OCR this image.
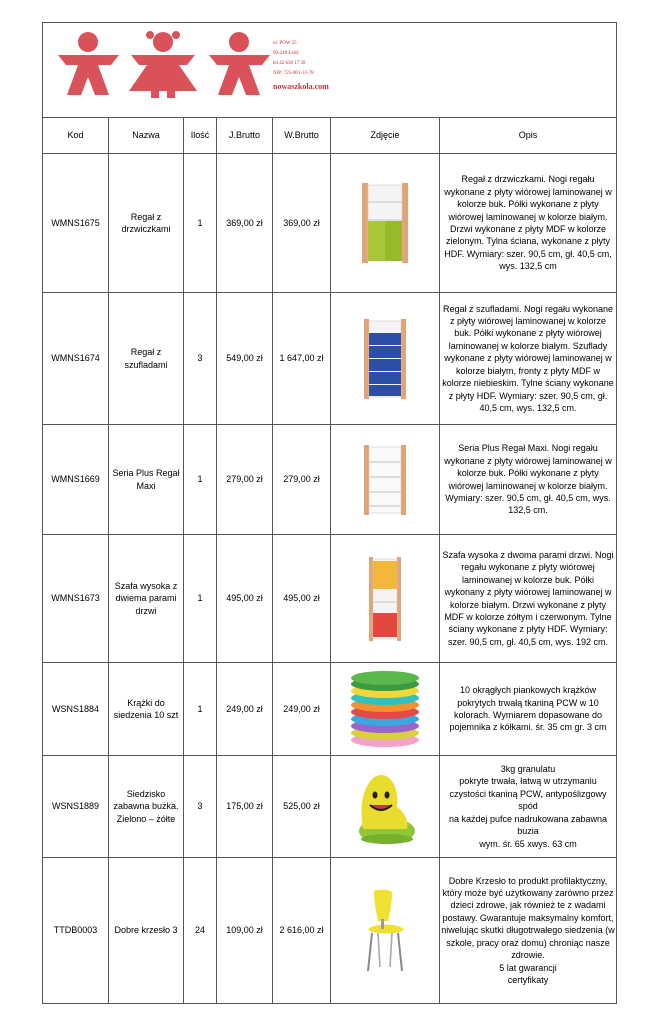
ul. POW 25
90-248 Łódź
tel.42 638 17 28
NIP: 725-001-33-78
nowaszkola.com						

Kod	Nazwa	Ilość	J.Brutto	W.Brutto	Zdjęcie	Opis
WMNS1675	Regał z drzwiczkami	1	369,00 zł	369,00 zł		Regał z drzwiczkami. Nogi regału wykonane z płyty wiórowej laminowanej w kolorze buk. Półki wykonane z płyty wiórowej laminowanej w kolorze białym. Drzwi wykonane z płyty MDF w kolorze zielonym. Tylna ściana, wykonane z płyty HDF. Wymiary: szer. 90,5 cm, gł. 40,5 cm, wys. 132,5 cm
WMNS1674	Regał z szufladami	3	549,00 zł	1 647,00 zł		Regał z szufladami. Nogi regału wykonane z płyty wiórowej laminowanej w kolorze buk. Półki wykonane z płyty wiórowej laminowanej w kolorze białym. Szuflady wykonane z płyty wiórowej laminowanej w kolorze białym, fronty z płyty MDF w kolorze niebieskim. Tylne ściany wykonane z płyty HDF. Wymiary: szer. 90,5 cm, gł. 40,5 cm, wys. 132,5 cm.
WMNS1669	Seria Plus Regał Maxi	1	279,00 zł	279,00 zł		Seria Plus Regał Maxi. Nogi regału wykonane z płyty wiórowej laminowanej w kolorze buk. Półki wykonane z płyty wiórowej laminowanej w kolorze białym. Wymiary: szer. 90,5 cm, gł. 40,5 cm, wys. 132,5 cm.
WMNS1673	Szafa wysoka z dwiema parami drzwi	1	495,00 zł	495,00 zł		Szafa wysoka z dwoma parami drzwi. Nogi regału wykonane z płyty wiórowej laminowanej w kolorze buk. Półki wykonany z płyty wiórowej laminowanej w kolorze białym. Drzwi wykonane z płyty MDF w kolorze żółtym i czerwonym. Tylne ściany wykonane z płyty HDF. Wymiary: szer. 90,5 cm, gł. 40,5 cm, wys. 192 cm.
WSNS1884	Krążki do siedzenia 10 szt	1	249,00 zł	249,00 zł		10 okrągłych piankowych krążków pokrytych trwałą tkaniną PCW w 10 kolorach. Wymiarem dopasowane do pojemnika z kółkami. śr. 35 cm gr. 3 cm
WSNS1889	Siedzisko zabawna bużka. Zielono – żółte	3	175,00 zł	525,00 zł		3kg granulatu
pokryte trwała, łatwą w utrzymaniu czystości tkaniną PCW, antypoślizgowy spód
na każdej pufce nadrukowana zabawna buzia
wym. śr. 65 xwys. 63 cm

TTDB0003	Dobre krzesło 3	24	109,00 zł	2 616,00 zł		Dobre Krzesło to produkt profilaktyczny, który może być użytkowany zarówno przez dzieci zdrowe, jak również te z wadami postawy. Gwarantuje maksymalny komfort, niwelując skutki długotrwałego siedzenia (w szkole, pracy oraz domu) chroniąc nasze zdrowie.
5 lat gwarancji
certyfikaty
